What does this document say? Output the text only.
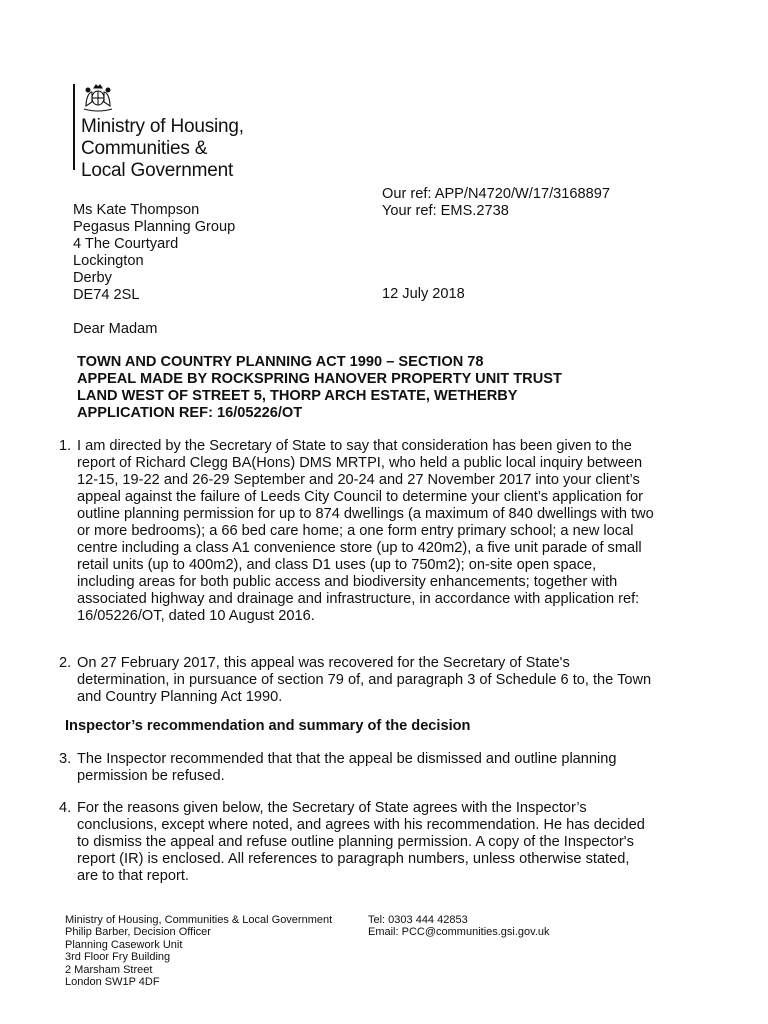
Ministry of Housing,
Communities &
Local Government
Our ref: APP/N4720/W/17/3168897
Your ref: EMS.2738
Ms Kate Thompson
Pegasus Planning Group
4 The Courtyard
Lockington
Derby
DE74 2SL	12 July 2018
Dear Madam
TOWN AND COUNTRY PLANNING ACT 1990 – SECTION 78
APPEAL MADE BY ROCKSPRING HANOVER PROPERTY UNIT TRUST
LAND WEST OF STREET 5, THORP ARCH ESTATE, WETHERBY
APPLICATION REF: 16/05226/OT
1. I am directed by the Secretary of State to say that consideration has been given to the
report of Richard Clegg BA(Hons) DMS MRTPI, who held a public local inquiry between
12-15, 19-22 and 26-29 September and 20-24 and 27 November 2017 into your client’s
appeal against the failure of Leeds City Council to determine your client’s application for
outline planning permission for up to 874 dwellings (a maximum of 840 dwellings with two
or more bedrooms); a 66 bed care home; a one form entry primary school; a new local
centre including a class A1 convenience store (up to 420m2), a five unit parade of small
retail units (up to 400m2), and class D1 uses (up to 750m2); on-site open space,
including areas for both public access and biodiversity enhancements; together with
associated highway and drainage and infrastructure, in accordance with application ref:
16/05226/OT, dated 10 August 2016.
2. On 27 February 2017, this appeal was recovered for the Secretary of State's
determination, in pursuance of section 79 of, and paragraph 3 of Schedule 6 to, the Town
and Country Planning Act 1990.
Inspector’s recommendation and summary of the decision
3. The Inspector recommended that that the appeal be dismissed and outline planning
permission be refused.
4. For the reasons given below, the Secretary of State agrees with the Inspector’s
conclusions, except where noted, and agrees with his recommendation. He has decided
to dismiss the appeal and refuse outline planning permission. A copy of the Inspector's
report (IR) is enclosed. All references to paragraph numbers, unless otherwise stated,
are to that report.
Ministry of Housing, Communities & Local Government
Philip Barber, Decision Officer
Planning Casework Unit
3rd Floor Fry Building
2 Marsham Street
London SW1P 4DF
Tel: 0303 444 42853
Email: PCC@communities.gsi.gov.uk
